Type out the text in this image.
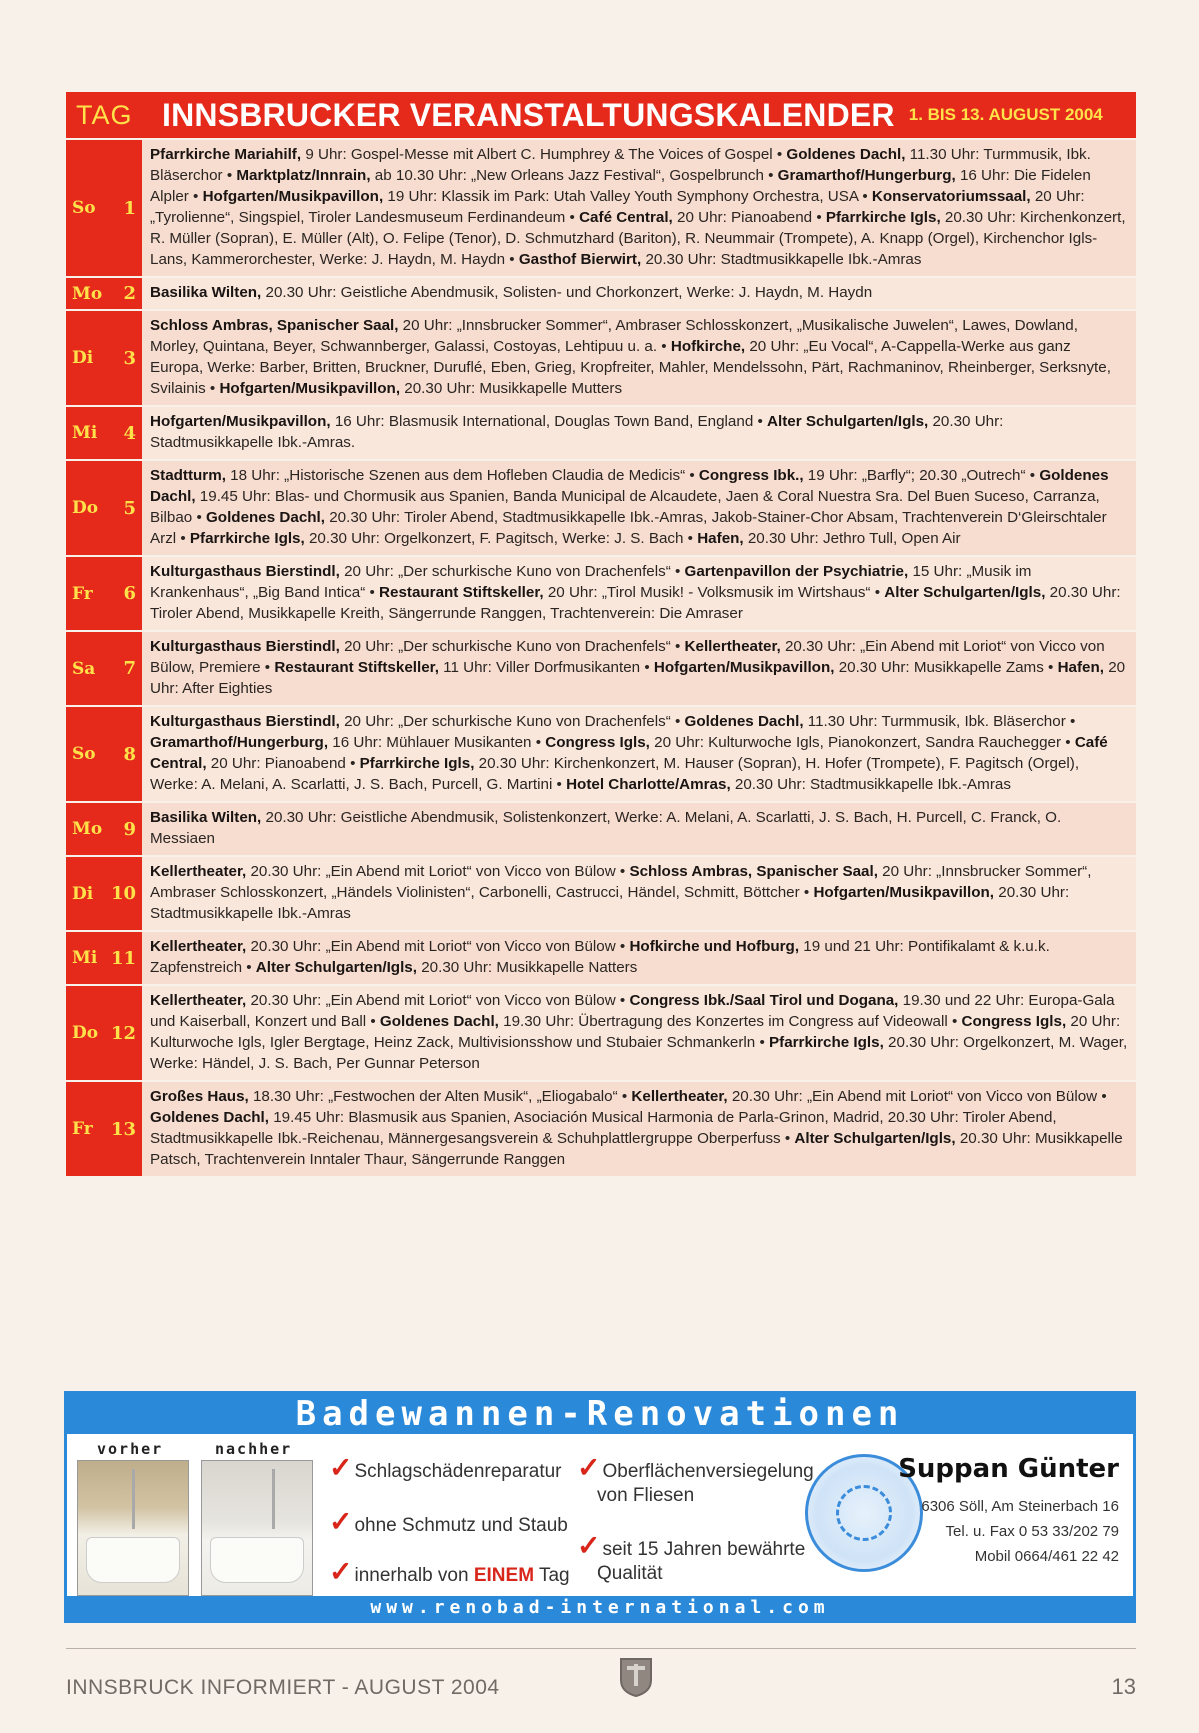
TAG INNSBRUCKER VERANSTALTUNGSKALENDER 1. BIS 13. AUGUST 2004
So 1
Pfarrkirche Mariahilf, 9 Uhr: Gospel-Messe mit Albert C. Humphrey & The Voices of Gospel • Goldenes Dachl, 11.30 Uhr: Turmmusik, Ibk. Bläserchor • Marktplatz/Innrain, ab 10.30 Uhr: „New Orleans Jazz Festival“, Gospelbrunch • Gramarthof/Hungerburg, 16 Uhr: Die Fidelen Alpler • Hofgarten/Musikpavillon, 19 Uhr: Klassik im Park: Utah Valley Youth Symphony Orchestra, USA • Konservatoriumssaal, 20 Uhr: „Tyrolienne“, Singspiel, Tiroler Landesmuseum Ferdinandeum • Café Central, 20 Uhr: Pianoabend • Pfarrkirche Igls, 20.30 Uhr: Kirchenkonzert, R. Müller (Sopran), E. Müller (Alt), O. Felipe (Tenor), D. Schmutzhard (Bariton), R. Neummair (Trompete), A. Knapp (Orgel), Kirchenchor Igls-Lans, Kammerorchester, Werke: J. Haydn, M. Haydn • Gasthof Bierwirt, 20.30 Uhr: Stadtmusikkapelle Ibk.-Amras
Mo 2 Basilika Wilten, 20.30 Uhr: Geistliche Abendmusik, Solisten- und Chorkonzert, Werke: J. Haydn, M. Haydn
Di 3
Schloss Ambras, Spanischer Saal, 20 Uhr: „Innsbrucker Sommer“, Ambraser Schlosskonzert, „Musikalische Juwelen“, Lawes, Dowland, Morley, Quintana, Beyer, Schwannberger, Galassi, Costoyas, Lehtipuu u. a. • Hofkirche, 20 Uhr: „Eu Vocal“, A-Cappella-Werke aus ganz Europa, Werke: Barber, Britten, Bruckner, Duruflé, Eben, Grieg, Kropfreiter, Mahler, Mendelssohn, Pärt, Rachmaninov, Rheinberger, Serksnyte, Svilainis • Hofgarten/Musikpavillon, 20.30 Uhr: Musikkapelle Mutters
Mi 4
Hofgarten/Musikpavillon, 16 Uhr: Blasmusik International, Douglas Town Band, England • Alter Schulgarten/Igls, 20.30 Uhr: Stadtmusikkapelle Ibk.-Amras.
Do 5
Stadtturm, 18 Uhr: „Historische Szenen aus dem Hofleben Claudia de Medicis“ • Congress Ibk., 19 Uhr: „Barfly“; 20.30 „Outrech“ • Goldenes Dachl, 19.45 Uhr: Blas- und Chormusik aus Spanien, Banda Municipal de Alcaudete, Jaen & Coral Nuestra Sra. Del Buen Suceso, Carranza, Bilbao • Goldenes Dachl, 20.30 Uhr: Tiroler Abend, Stadtmusikkapelle Ibk.-Amras, Jakob-Stainer-Chor Absam, Trachtenverein D‘Gleirschtaler Arzl • Pfarrkirche Igls, 20.30 Uhr: Orgelkonzert, F. Pagitsch, Werke: J. S. Bach • Hafen, 20.30 Uhr: Jethro Tull, Open Air
Fr 6
Kulturgasthaus Bierstindl, 20 Uhr: „Der schurkische Kuno von Drachenfels“ • Gartenpavillon der Psychiatrie, 15 Uhr: „Musik im Krankenhaus“, „Big Band Intica“ • Restaurant Stiftskeller, 20 Uhr: „Tirol Musik! - Volksmusik im Wirtshaus“ • Alter Schulgarten/Igls, 20.30 Uhr: Tiroler Abend, Musikkapelle Kreith, Sängerrunde Ranggen, Trachtenverein: Die Amraser
Sa 7
Kulturgasthaus Bierstindl, 20 Uhr: „Der schurkische Kuno von Drachenfels“ • Kellertheater, 20.30 Uhr: „Ein Abend mit Loriot“ von Vicco von Bülow, Premiere • Restaurant Stiftskeller, 11 Uhr: Viller Dorfmusikanten • Hofgarten/Musikpavillon, 20.30 Uhr: Musikkapelle Zams • Hafen, 20 Uhr: After Eighties
So 8
Kulturgasthaus Bierstindl, 20 Uhr: „Der schurkische Kuno von Drachenfels“ • Goldenes Dachl, 11.30 Uhr: Turmmusik, Ibk. Bläserchor • Gramarthof/Hungerburg, 16 Uhr: Mühlauer Musikanten • Congress Igls, 20 Uhr: Kulturwoche Igls, Pianokonzert, Sandra Rauchegger • Café Central, 20 Uhr: Pianoabend • Pfarrkirche Igls, 20.30 Uhr: Kirchenkonzert, M. Hauser (Sopran), H. Hofer (Trompete), F. Pagitsch (Orgel), Werke: A. Melani, A. Scarlatti, J. S. Bach, Purcell, G. Martini • Hotel Charlotte/Amras, 20.30 Uhr: Stadtmusikkapelle Ibk.-Amras
Mo 9
Basilika Wilten, 20.30 Uhr: Geistliche Abendmusik, Solistenkonzert, Werke: A. Melani, A. Scarlatti, J. S. Bach, H. Purcell, C. Franck, O. Messiaen
Di 10
Kellertheater, 20.30 Uhr: „Ein Abend mit Loriot“ von Vicco von Bülow • Schloss Ambras, Spanischer Saal, 20 Uhr: „Innsbrucker Sommer“, Ambraser Schlosskonzert, „Händels Violinisten“, Carbonelli, Castrucci, Händel, Schmitt, Böttcher • Hofgarten/Musikpavillon, 20.30 Uhr: Stadtmusikkapelle Ibk.-Amras
Mi 11
Kellertheater, 20.30 Uhr: „Ein Abend mit Loriot“ von Vicco von Bülow • Hofkirche und Hofburg, 19 und 21 Uhr: Pontifikalamt & k.u.k. Zapfenstreich • Alter Schulgarten/Igls, 20.30 Uhr: Musikkapelle Natters
Do 12
Kellertheater, 20.30 Uhr: „Ein Abend mit Loriot“ von Vicco von Bülow • Congress Ibk./Saal Tirol und Dogana, 19.30 und 22 Uhr: Europa-Gala und Kaiserball, Konzert und Ball • Goldenes Dachl, 19.30 Uhr: Übertragung des Konzertes im Congress auf Videowall • Congress Igls, 20 Uhr: Kulturwoche Igls, Igler Bergtage, Heinz Zack, Multivisionsshow und Stubaier Schmankerln • Pfarrkirche Igls, 20.30 Uhr: Orgelkonzert, M. Wager, Werke: Händel, J. S. Bach, Per Gunnar Peterson
Fr 13
Großes Haus, 18.30 Uhr: „Festwochen der Alten Musik“, „Eliogabalo“ • Kellertheater, 20.30 Uhr: „Ein Abend mit Loriot“ von Vicco von Bülow • Goldenes Dachl, 19.45 Uhr: Blasmusik aus Spanien, Asociación Musical Harmonia de Parla-Grinon, Madrid, 20.30 Uhr: Tiroler Abend, Stadtmusikkapelle Ibk.-Reichenau, Männergesangsverein & Schuhplattlergruppe Oberperfuss • Alter Schulgarten/Igls, 20.30 Uhr: Musikkapelle Patsch, Trachtenverein Inntaler Thaur, Sängerrunde Ranggen
Badewannen-Renovationen
vorher	nachher
✓ Schlagschädenreparatur
✓ ohne Schmutz und Staub
✓ innerhalb von EINEM Tag
✓ Oberflächenversiegelung
von Fliesen
✓ seit 15 Jahren bewährte
Qualität
Suppan Günter
6306 Söll, Am Steinerbach 16
Tel. u. Fax 0 53 33/202 79
Mobil 0664/461 22 42
www.renobad-international.com
INNSBRUCK INFORMIERT - AUGUST 2004	13
